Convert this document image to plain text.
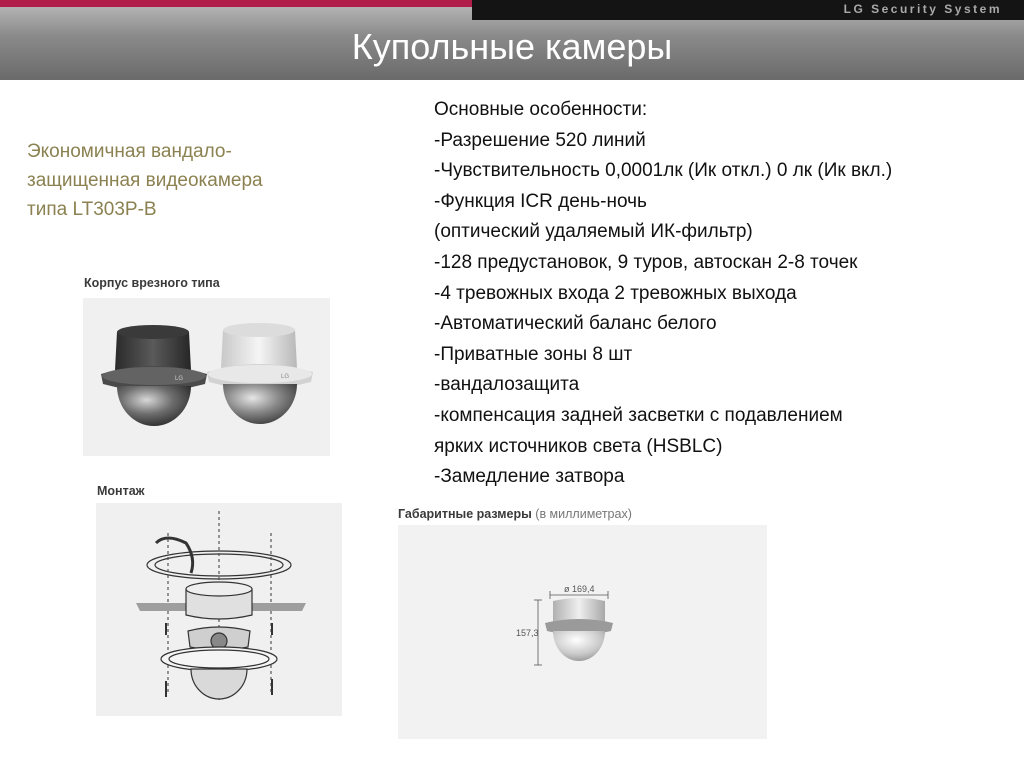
LG Security System
Купольные камеры
Экономичная вандало-
защищенная видеокамера
типа LT303P-B
Основные особенности:
-Разрешение 520 линий
-Чувствительность 0,0001лк (Ик откл.) 0 лк (Ик вкл.)
-Функция ICR день-ночь
(оптический удаляемый ИК-фильтр)
-128 предустановок, 9 туров, автоскан 2-8 точек
-4 тревожных входа 2 тревожных выхода
-Автоматический баланс белого
-Приватные зоны 8 шт
-вандалозащита
-компенсация задней засветки с подавлением
ярких источников света (HSBLC)
-Замедление затвора
Корпус врезного типа
LG	LG
Монтаж
Габаритные размеры (в миллиметрах)
ø 169,4
157,3
